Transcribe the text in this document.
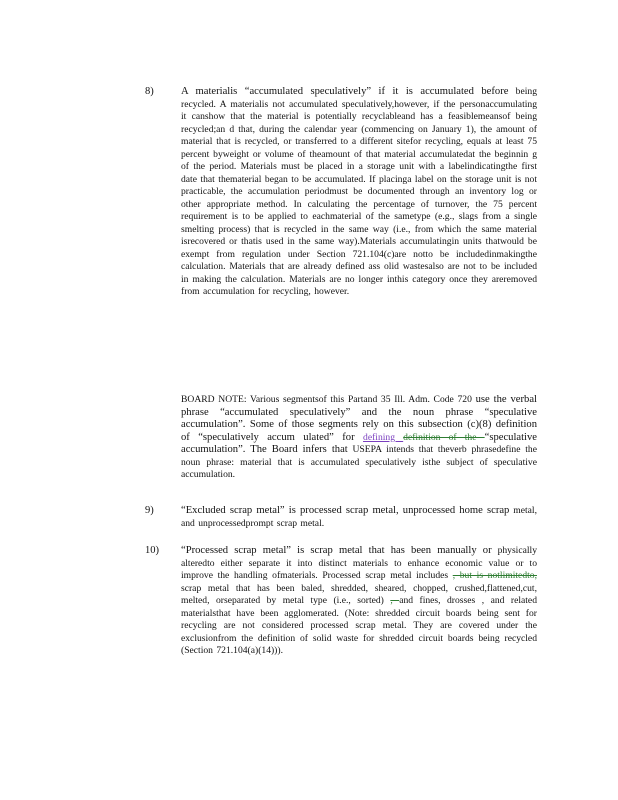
8)	A materialis “accumulated speculatively” if it is accumulated before being recycled. A materialis not accumulated speculatively,however, if the personaccumulating it canshow that the material is potentially recyclableand has a feasiblemeansof being recycled;an d that, during the calendar year (commencing on January 1), the amount of material that is recycled, or transferred to a different sitefor recycling, equals at least 75 percent byweight or volume of theamount of that material accumulatedat the beginnin g of the period. Materials must be placed in a storage unit with a labelindicatingthe first date that thematerial began to be accumulated. If placinga label on the storage unit is not practicable, the accumulation periodmust be documented through an inventory log or other appropriate method. In calculating the percentage of turnover, the 75 percent requirement is to be applied to eachmaterial of the sametype (e.g., slags from a single smelting process) that is recycled in the same way (i.e., from which the same material isrecovered or thatis used in the same way).Materials accumulatingin units thatwould be exempt from regulation under Section 721.104(c)are notto be includedinmakingthe calculation. Materials that are already defined ass olid wastesalso are not to be included in making the calculation. Materials are no longer inthis category once they areremoved from accumulation for recycling, however.

BOARD NOTE: Various segmentsof this Partand 35 Ill. Adm. Code 720 use the verbal phrase “accumulated speculatively” and the noun phrase “speculative accumulation”. Some of those segments rely on this subsection (c)(8) definition of “speculatively accum ulated” for defining definition of the “speculative accumulation”. The Board infers that USEPA intends that theverb phrasedefine the noun phrase: material that is accumulated speculatively isthe subject of speculative accumulation.

9)	“Excluded scrap metal” is processed scrap metal, unprocessed home scrap metal, and unprocessedprompt scrap metal.

10) “Processed scrap metal” is scrap metal that has been manually or physically alteredto either separate it into distinct materials to enhance economic value or to improve the handling ofmaterials. Processed scrap metal includes , but is notlimitedto, scrap metal that has been baled, shredded, sheared, chopped, crushed,flattened,cut, melted, orseparated by metal type (i.e., sorted) , and fines, drosses , and related materialsthat have been agglomerated. (Note: shredded circuit boards being sent for recycling are not considered processed scrap metal. They are covered under the exclusionfrom the definition of solid waste for shredded circuit boards being recycled (Section 721.104(a)(14))).
